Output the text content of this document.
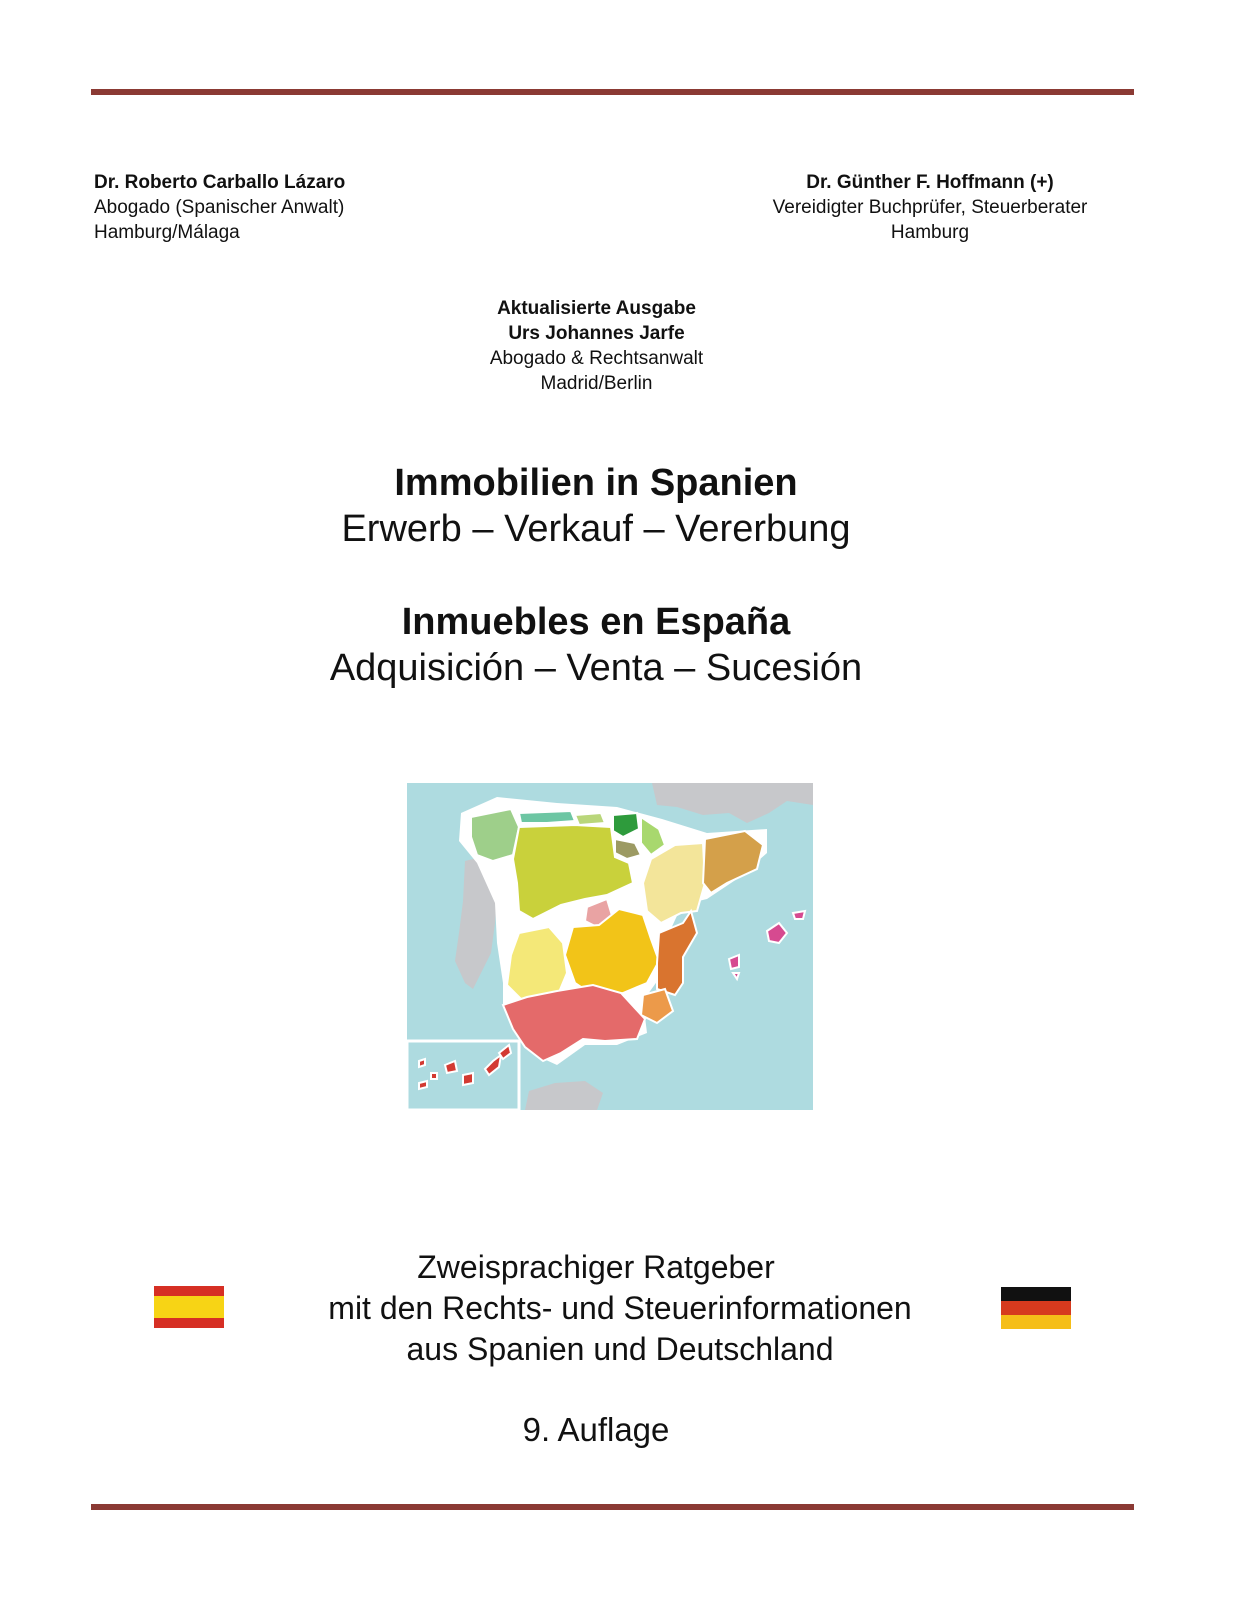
Dr. Roberto Carballo Lázaro
Abogado (Spanischer Anwalt)
Hamburg/Málaga
Dr. Günther F. Hoffmann (+)
Vereidigter Buchprüfer, Steuerberater
Hamburg
Aktualisierte Ausgabe
Urs Johannes Jarfe
Abogado & Rechtsanwalt
Madrid/Berlin
Immobilien in Spanien
Erwerb – Verkauf – Vererbung
Inmuebles en España
Adquisición – Venta – Sucesión
Zweisprachiger Ratgeber
mit den Rechts- und Steuerinformationen
aus Spanien und Deutschland
9. Auflage
